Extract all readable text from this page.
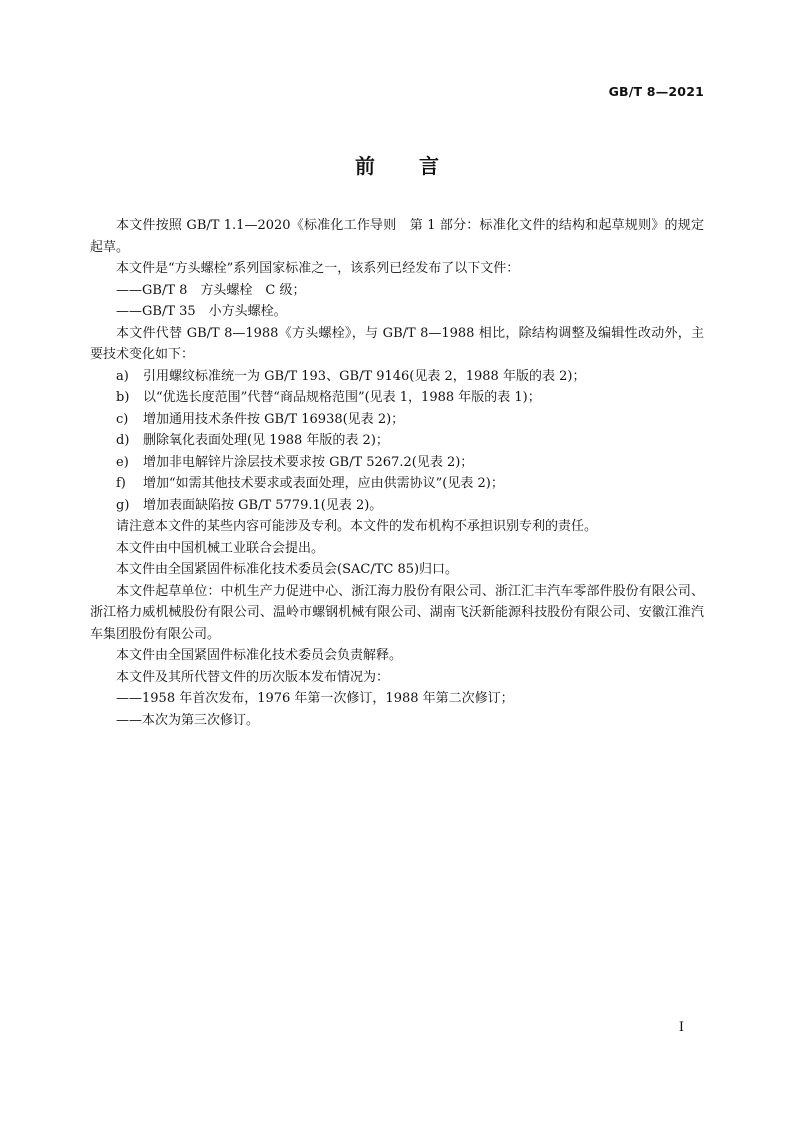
GB/T 8—2021
前言

本文件按照 GB/T 1.1—2020《标准化工作导则　第 1 部分：标准化文件的结构和起草规则》的规定起草。

本文件是“方头螺栓”系列国家标准之一，该系列已经发布了以下文件：

——GB/T 8　方头螺栓　C 级；

——GB/T 35　小方头螺栓。

本文件代替 GB/T 8—1988《方头螺栓》，与 GB/T 8—1988 相比，除结构调整及编辑性改动外，主要技术变化如下：

a)	引用螺纹标准统一为 GB/T 193、GB/T 9146(见表 2，1988 年版的表 2)；
b)	以“优选长度范围”代替“商品规格范围”(见表 1，1988 年版的表 1)；
c)	增加通用技术条件按 GB/T 16938(见表 2)；
d)	删除氧化表面处理(见 1988 年版的表 2)；
e)	增加非电解锌片涂层技术要求按 GB/T 5267.2(见表 2)；
f)	增加“如需其他技术要求或表面处理，应由供需协议”(见表 2)；
g)	增加表面缺陷按 GB/T 5779.1(见表 2)。

请注意本文件的某些内容可能涉及专利。本文件的发布机构不承担识别专利的责任。

本文件由中国机械工业联合会提出。

本文件由全国紧固件标准化技术委员会(SAC/TC 85)归口。

本文件起草单位：中机生产力促进中心、浙江海力股份有限公司、浙江汇丰汽车零部件股份有限公司、浙江格力威机械股份有限公司、温岭市螺钢机械有限公司、湖南飞沃新能源科技股份有限公司、安徽江淮汽车集团股份有限公司。

本文件由全国紧固件标准化技术委员会负责解释。

本文件及其所代替文件的历次版本发布情况为：

——1958 年首次发布，1976 年第一次修订，1988 年第二次修订；

——本次为第三次修订。

I
